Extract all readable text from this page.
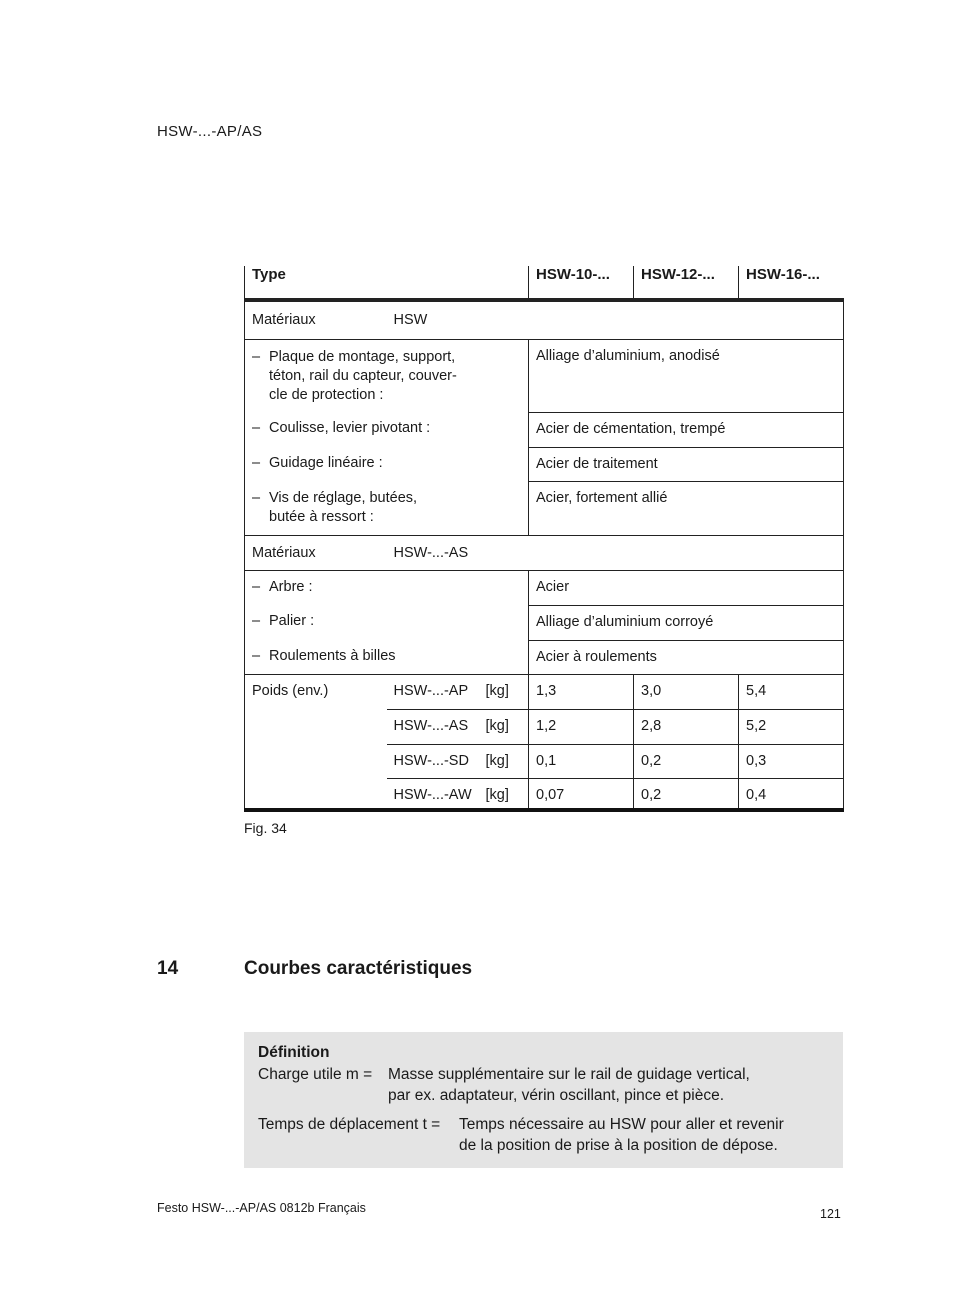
HSW-...-AP/AS
Type			HSW-10-...	HSW-12-...	HSW-16-...
Matériaux	HSW				

– Plaque de montage, support,
téton, rail du capteur, couver-
cle de protection :			Alliage d’aluminium, anodisé		

– Coulisse, levier pivotant :			Acier de cémentation, trempé		

– Guidage linéaire :			Acier de traitement		

– Vis de réglage, butées,
butée à ressort :			Acier, fortement allié		
Matériaux	HSW-...-AS				

– Arbre :			Acier		

– Palier :			Alliage d’aluminium corroyé		

– Roulements à billes			Acier à roulements		
Poids (env.)	HSW-...-AP	[kg]	1,3	3,0	5,4
	HSW-...-AS	[kg]	1,2	2,8	5,2
	HSW-...-SD	[kg]	0,1	0,2	0,3
	HSW-...-AW	[kg]	0,07	0,2	0,4
Fig. 34
14	Courbes caractéristiques
Définition
Charge utile m = Masse supplémentaire sur le rail de guidage vertical,
par ex. adaptateur, vérin oscillant, pince et pièce.
Temps de déplacement t = Temps nécessaire au HSW pour aller et revenir
de la position de prise à la position de dépose.
Festo HSW-...-AP/AS 0812b Français	121
